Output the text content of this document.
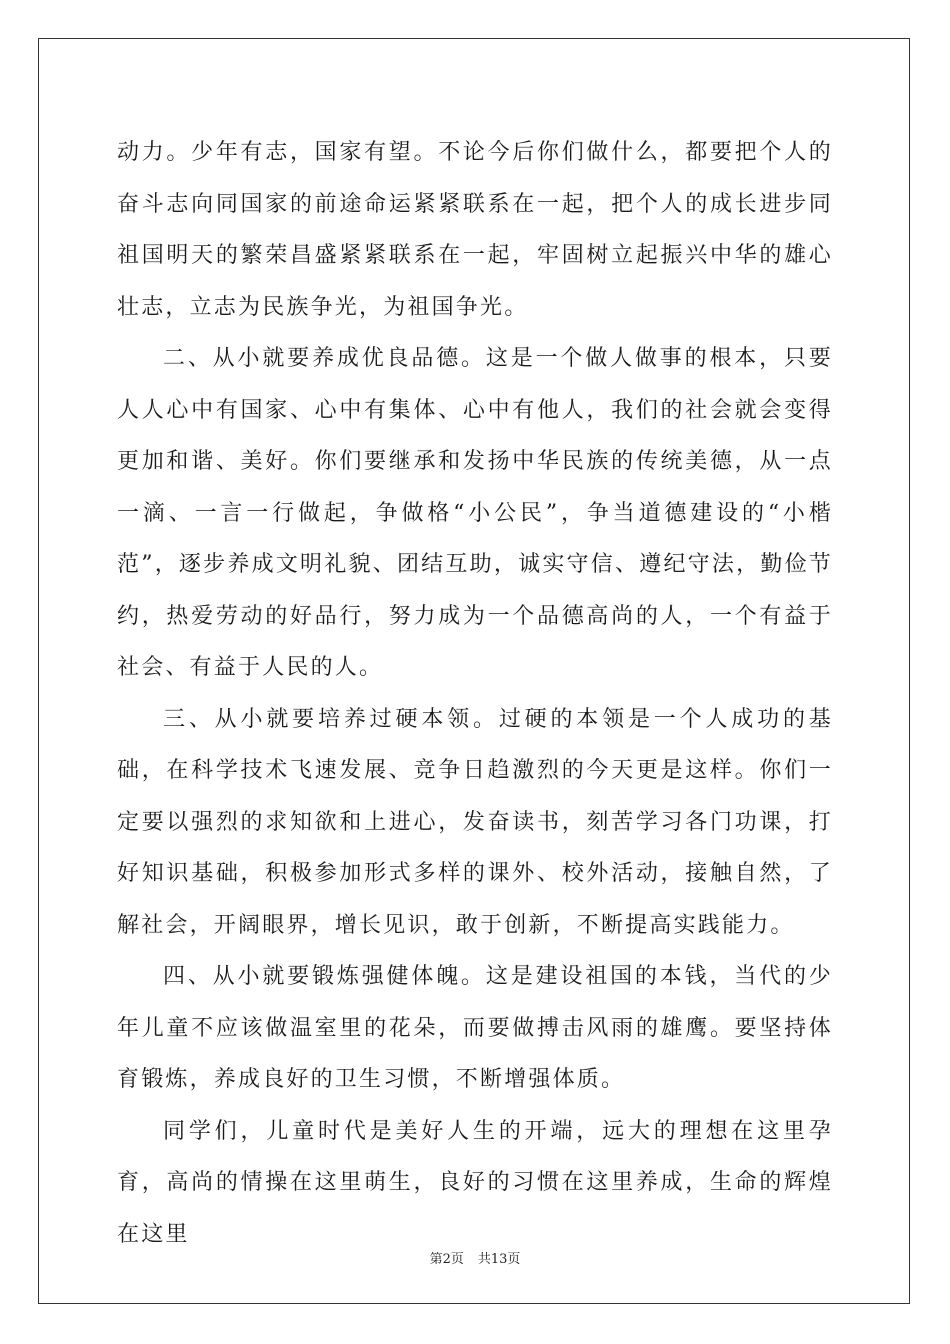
动力。少年有志，国家有望。不论今后你们做什么，都要把个人的奋斗志向同国家的前途命运紧紧联系在一起，把个人的成长进步同祖国明天的繁荣昌盛紧紧联系在一起，牢固树立起振兴中华的雄心壮志，立志为民族争光，为祖国争光。

二、从小就要养成优良品德。这是一个做人做事的根本，只要人人心中有国家、心中有集体、心中有他人，我们的社会就会变得更加和谐、美好。你们要继承和发扬中华民族的传统美德，从一点一滴、一言一行做起，争做格“小公民”，争当道德建设的“小楷范”，逐步养成文明礼貌、团结互助，诚实守信、遵纪守法，勤俭节约，热爱劳动的好品行，努力成为一个品德高尚的人，一个有益于社会、有益于人民的人。

三、从小就要培养过硬本领。过硬的本领是一个人成功的基础，在科学技术飞速发展、竞争日趋激烈的今天更是这样。你们一定要以强烈的求知欲和上进心，发奋读书，刻苦学习各门功课，打好知识基础，积极参加形式多样的课外、校外活动，接触自然，了解社会，开阔眼界，增长见识，敢于创新，不断提高实践能力。

四、从小就要锻炼强健体魄。这是建设祖国的本钱，当代的少年儿童不应该做温室里的花朵，而要做搏击风雨的雄鹰。要坚持体育锻炼，养成良好的卫生习惯，不断增强体质。

同学们，儿童时代是美好人生的开端，远大的理想在这里孕育，高尚的情操在这里萌生，良好的习惯在这里养成，生命的辉煌在这里

第2页 共13页
